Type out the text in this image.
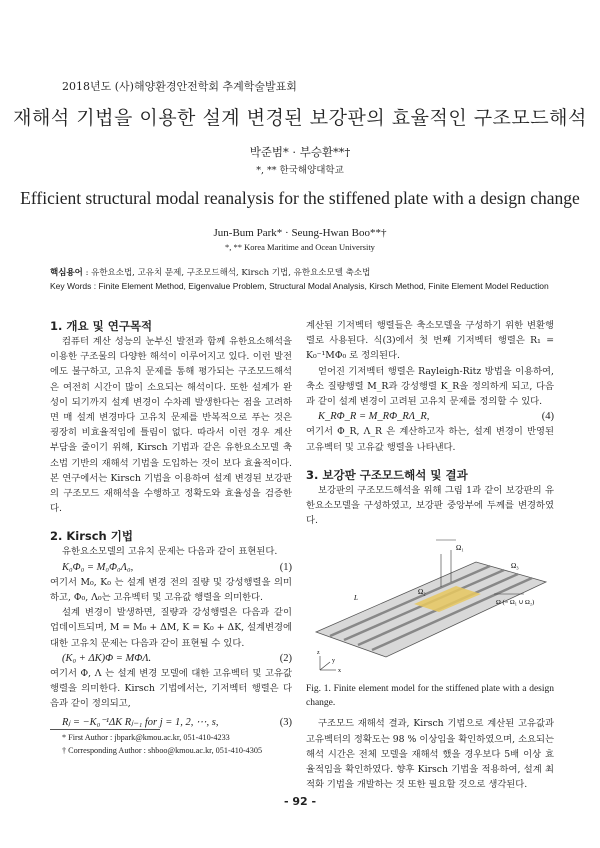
2018년도 (사)해양환경안전학회 추계학술발표회
재해석 기법을 이용한 설계 변경된 보강판의 효율적인 구조모드해석
박준범* · 부승환**†
*, ** 한국해양대학교
Efficient structural modal reanalysis for the stiffened plate with a design change
Jun-Bum Park* · Seung-Hwan Boo**†
*, ** Korea Maritime and Ocean University
핵심용어 : 유한요소법, 고유치 문제, 구조모드해석, Kirsch 기법, 유한요소모델 축소법
Key Words : Finite Element Method, Eigenvalue Problem, Structural Modal Analysis, Kirsch Method, Finite Element Model Reduction
1. 개요 및 연구목적

컴퓨터 계산 성능의 눈부신 발전과 함께 유한요소해석을 이용한 구조물의 다양한 해석이 이루어지고 있다. 이런 발전에도 불구하고, 고유치 문제를 통해 평가되는 구조모드해석은 여전히 시간이 많이 소요되는 해석이다. 또한 설계가 완성이 되기까지 설계 변경이 수차례 발생한다는 점을 고려하면 매 설계 변경마다 고유치 문제를 반복적으로 푸는 것은 굉장히 비효율적임에 틀림이 없다. 따라서 이런 경우 계산 부담을 줄이기 위해, Kirsch 기법과 같은 유한요소모델 축소법 기반의 재해석 기법을 도입하는 것이 보다 효율적이다. 본 연구에서는 Kirsch 기법을 이용하여 설계 변경된 보강판의 구조모드 재해석을 수행하고 정확도와 효율성을 검증한다.

2. Kirsch 기법

유한요소모델의 고유치 문제는 다음과 같이 표현된다.

K₀Φ₀ = M₀Φ₀Λ₀,	(1)

여기서 M₀, K₀ 는 설계 변경 전의 질량 및 강성행렬을 의미하고, Φ₀, Λ₀는 고유벡터 및 고유값 행렬을 의미한다.

설계 변경이 발생하면, 질량과 강성행렬은 다음과 같이 업데이트되며, M = M₀ + ΔM, K = K₀ + ΔK, 설계변경에 대한 고유치 문제는 다음과 같이 표현될 수 있다.

(K₀ + ΔK)Φ = MΦΛ.	(2)

여기서 Φ, Λ 는 설계 변경 모델에 대한 고유벡터 및 고유값 행렬을 의미한다. Kirsch 기법에서는, 기저벡터 행렬은 다음과 같이 정의되고,

Rⱼ = −K₀⁻¹ΔK Rⱼ₋₁ for j = 1, 2, ⋯, s,	(3)

계산된 기저벡터 행렬들은 축소모델을 구성하기 위한 변환행렬로 사용된다. 식(3)에서 첫 번째 기저벡터 행렬은 R₁ = K₀⁻¹MΦ₀ 로 정의된다.

얻어진 기저벡터 행렬은 Rayleigh-Ritz 방법을 이용하여, 축소 질량행렬 M_R과 강성행렬 K_R을 정의하게 되고, 다음과 같이 설계 변경이 고려된 고유치 문제를 정의할 수 있다.

K_RΦ_R = M_RΦ_RΛ_R,	(4)

여기서 Φ_R, Λ_R 은 계산하고자 하는, 설계 변경이 반영된 고유벡터 및 고유값 행렬을 나타낸다.

3. 보강판 구조모드해석 및 결과

보강판의 구조모드해석을 위해 그림 1과 같이 보강판의 유한요소모델을 구성하였고, 보강판 중앙부에 두께를 변경하였다.

Ω₁
Ω₂
Ω₃
Ω (= Ω₁ ∪ Ω₂)
L
x
y
z

Fig. 1. Finite element model for the stiffened plate with a design change.

구조모드 재해석 결과, Kirsch 기법으로 계산된 고유값과 고유벡터의 정확도는 98 % 이상임을 확인하였으며, 소요되는 해석 시간은 전체 모델을 재해석 했을 경우보다 5배 이상 효율적임을 확인하였다. 향후 Kirsch 기법을 적용하여, 설계 최적화 기법을 개발하는 것 또한 필요할 것으로 생각된다.

* First Author : jbpark@kmou.ac.kr, 051-410-4233
† Corresponding Author : shboo@kmou.ac.kr, 051-410-4305
- 92 -
